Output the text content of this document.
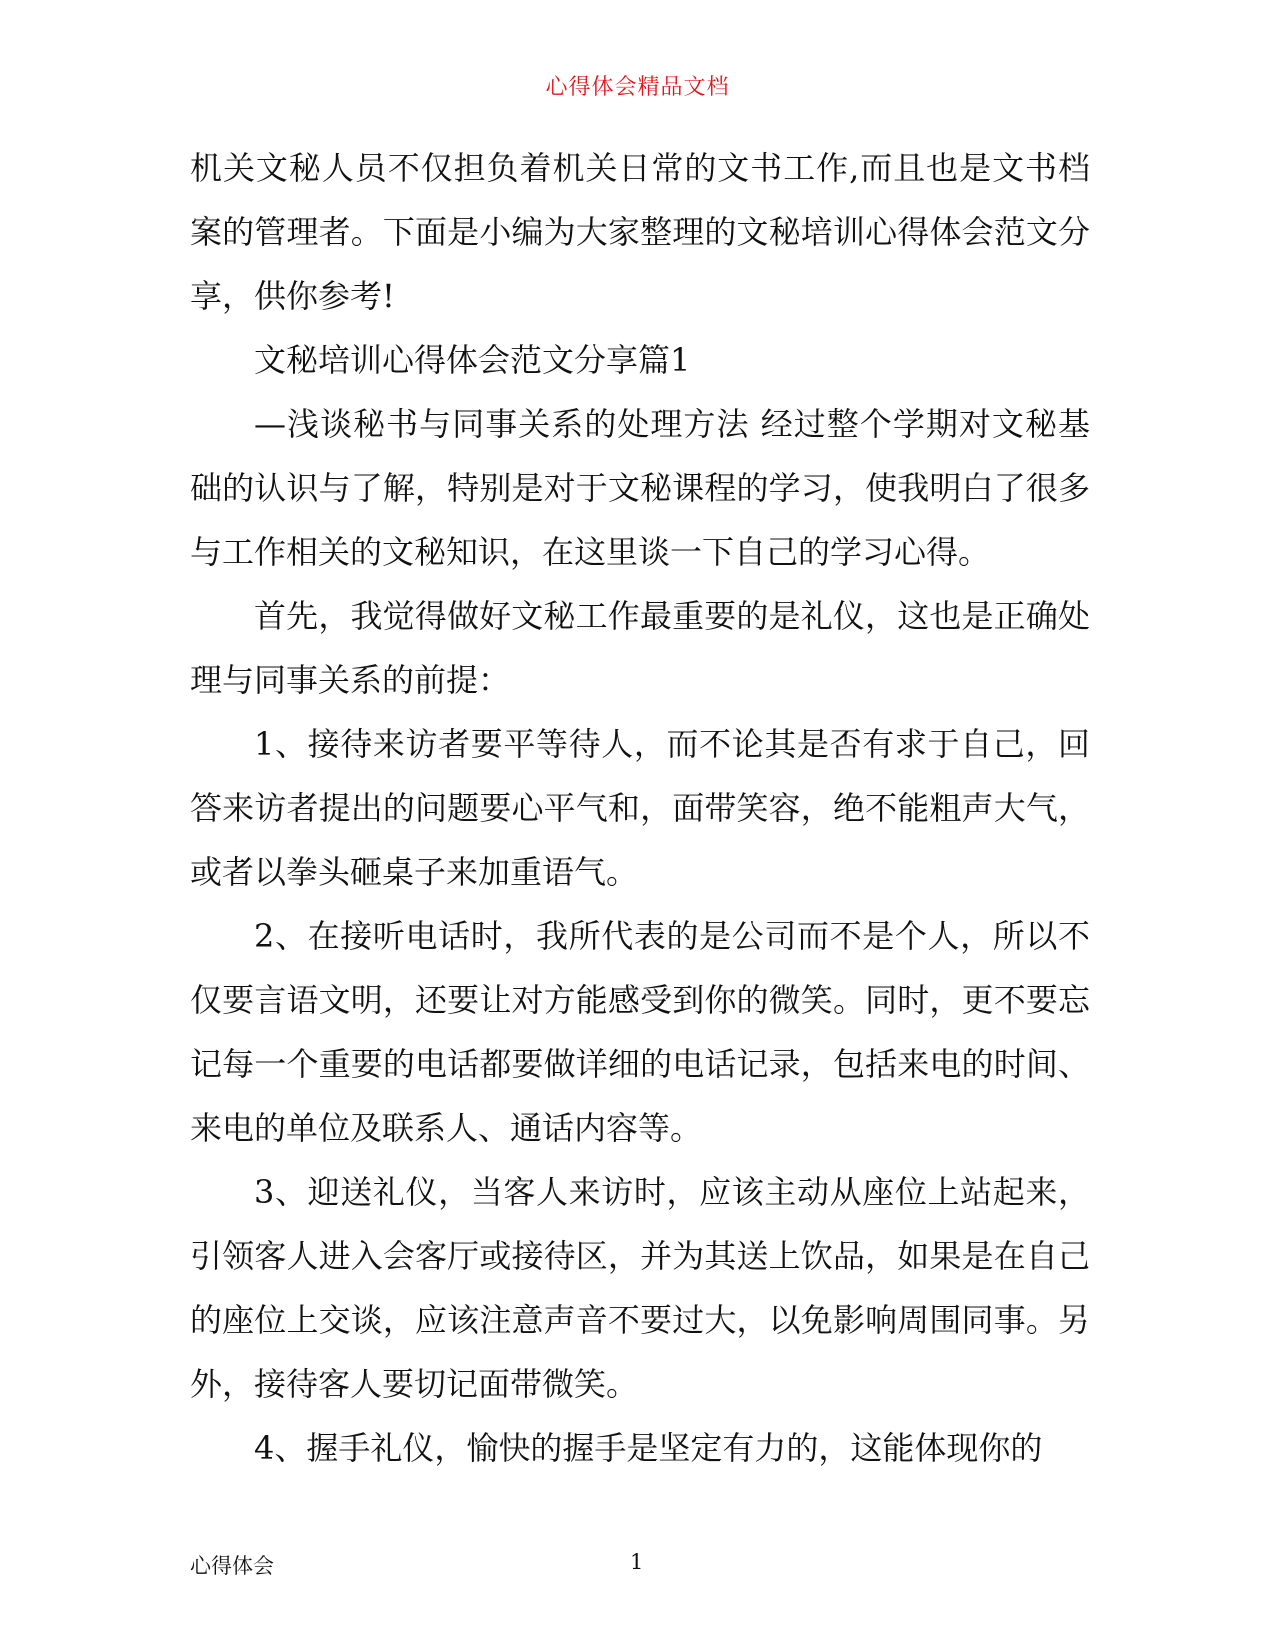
心得体会精品文档

机关文秘人员不仅担负着机关日常的文书工作,而且也是文书档案的管理者。下面是小编为大家整理的文秘培训心得体会范文分享，供你参考!

文秘培训心得体会范文分享篇1

—浅谈秘书与同事关系的处理方法 经过整个学期对文秘基础的认识与了解，特别是对于文秘课程的学习，使我明白了很多与工作相关的文秘知识，在这里谈一下自己的学习心得。

首先，我觉得做好文秘工作最重要的是礼仪，这也是正确处理与同事关系的前提：

1、接待来访者要平等待人，而不论其是否有求于自己，回答来访者提出的问题要心平气和，面带笑容，绝不能粗声大气，或者以拳头砸桌子来加重语气。

2、在接听电话时，我所代表的是公司而不是个人，所以不仅要言语文明，还要让对方能感受到你的微笑。同时，更不要忘记每一个重要的电话都要做详细的电话记录，包括来电的时间、来电的单位及联系人、通话内容等。

3、迎送礼仪，当客人来访时，应该主动从座位上站起来，引领客人进入会客厅或接待区，并为其送上饮品，如果是在自己的座位上交谈，应该注意声音不要过大，以免影响周围同事。另外，接待客人要切记面带微笑。

4、握手礼仪，愉快的握手是坚定有力的，这能体现你的

心得体会	1
